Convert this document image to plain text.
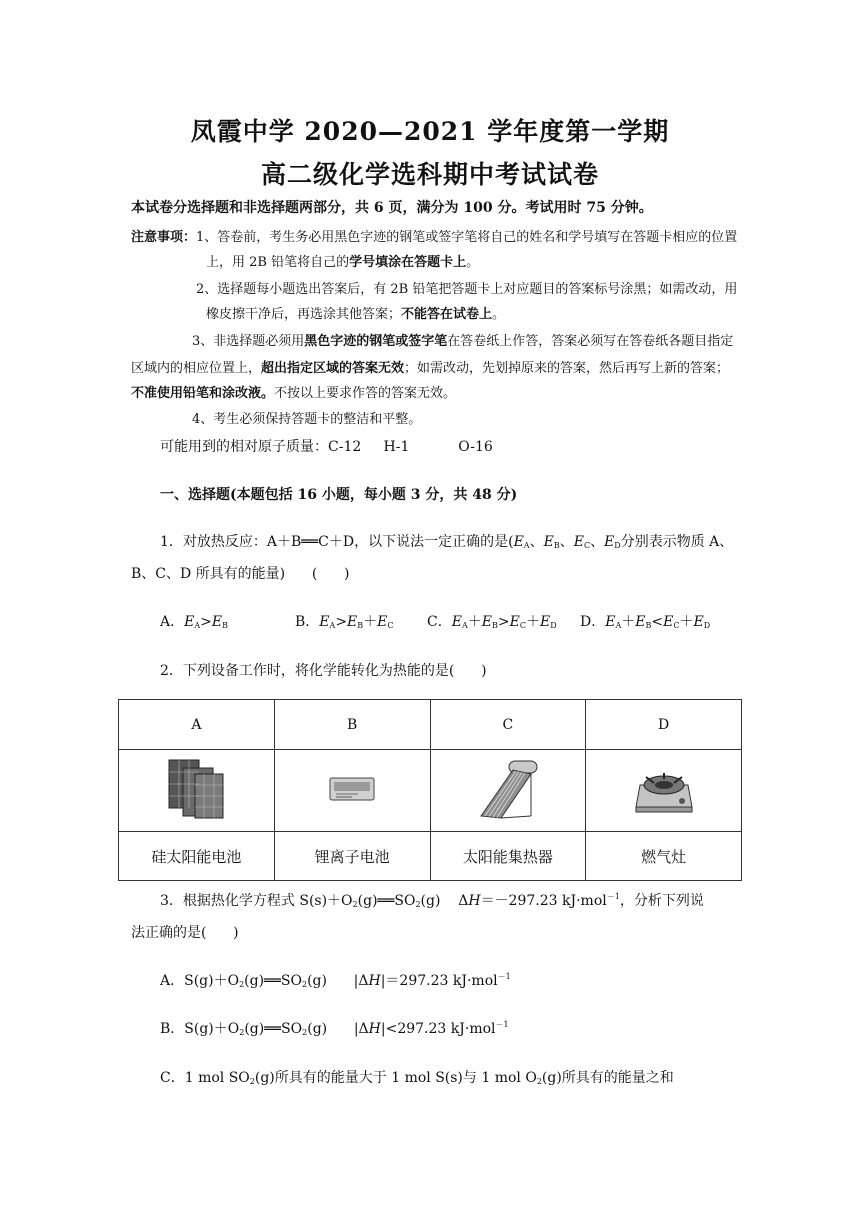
凤霞中学 2020—2021 学年度第一学期
高二级化学选科期中考试试卷
本试卷分选择题和非选择题两部分，共 6 页，满分为 100 分。考试用时 75 分钟。
注意事项：1、答卷前，考生务必用黑色字迹的钢笔或签字笔将自己的姓名和学号填写在答题卡相应的位置
上，用 2B 铅笔将自己的学号填涂在答题卡上。
2、选择题每小题选出答案后，有 2B 铅笔把答题卡上对应题目的答案标号涂黑；如需改动，用
橡皮擦干净后，再选涂其他答案；不能答在试卷上。
3、非选择题必须用黑色字迹的钢笔或签字笔在答卷纸上作答，答案必须写在答卷纸各题目指定
区域内的相应位置上，超出指定区域的答案无效；如需改动，先划掉原来的答案，然后再写上新的答案；
不准使用铅笔和涂改液。不按以上要求作答的答案无效。
4、考生必须保持答题卡的整洁和平整。
可能用到的相对原子质量：C-12     H-1           O-16
一、选择题(本题包括 16 小题，每小题 3 分，共 48 分)
1．对放热反应：A＋B══C＋D，以下说法一定正确的是($E_A$、$E_B$、$E_C$、$E_D$分别表示物质 A、
B、C、D 所具有的能量)      (      )
A．$E_A>E_B$	B．$E_A>E_B+E_C$ C．$E_A+E_B>E_C+E_D$ D．$E_A+E_B<E_C+E_D$
2．下列设备工作时，将化学能转化为热能的是(      )
A	B	C	D

硅太阳能电池	锂离子电池	太阳能集热器	燃气灶
3．根据热化学方程式 $S(s)+O_2(g)══SO_2(g)$    ΔH＝－297.23 kJ·mol$^{-1}$，分析下列说
法正确的是(      )
A．$S(g)+O_2(g)══SO_2(g)$      |ΔH|＝297.23 kJ·mol$^{-1}$
B．$S(g)+O_2(g)══SO_2(g)$      |ΔH|<297.23 kJ·mol$^{-1}$
C．1 mol $SO_2(g)$所具有的能量大于 1 mol S(s)与 1 mol $O_2(g)$所具有的能量之和
